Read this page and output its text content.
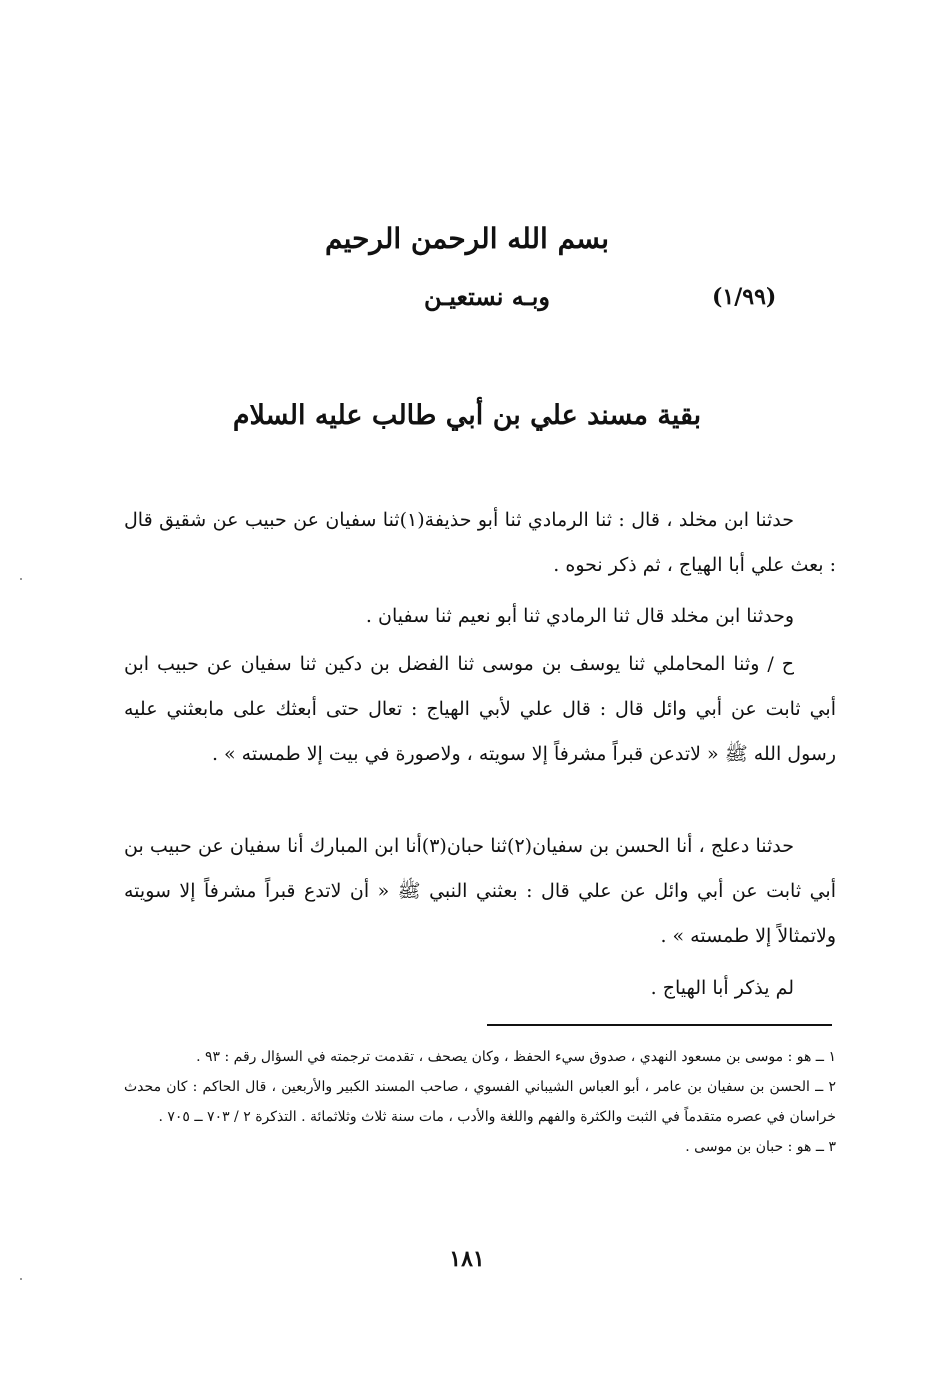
بسم الله الرحمن الرحيم
وبـه نستعيـن	(١/٩٩)
بقية مسند علي بن أبي طالب عليه السلام

حدثنا ابن مخلد ، قال : ثنا الرمادي ثنا أبو حذيفة(١)ثنا سفيان عن حبيب عن شقيق قال : بعث علي أبا الهياج ، ثم ذكر نحوه .

وحدثنا ابن مخلد قال ثنا الرمادي ثنا أبو نعيم ثنا سفيان .

ح / وثنا المحاملي ثنا يوسف بن موسى ثنا الفضل بن دكين ثنا سفيان عن حبيب ابن أبي ثابت عن أبي وائل قال : قال علي لأبي الهياج : تعال حتى أبعثك على مابعثني عليه رسول الله ﷺ « لاتدعن قبراً مشرفاً إلا سويته ، ولاصورة في بيت إلا طمسته » .

حدثنا دعلج ، أنا الحسن بن سفيان(٢)ثنا حبان(٣)أنا ابن المبارك أنا سفيان عن حبيب بن أبي ثابت عن أبي وائل عن علي قال : بعثني النبي ﷺ « أن لاتدع قبراً مشرفاً إلا سويته ولاتمثالاً إلا طمسته » .

لم يذكر أبا الهياج .

١ ــ هو : موسى بن مسعود النهدي ، صدوق سيء الحفظ ، وكان يصحف ، تقدمت ترجمته في السؤال رقم : ٩٣ .
٢ ــ الحسن بن سفيان بن عامر ، أبو العباس الشيباني الفسوي ، صاحب المسند الكبير والأربعين ، قال الحاكم : كان محدث خراسان في عصره متقدماً في الثبت والكثرة والفهم واللغة والأدب ، مات سنة ثلاث وثلاثمائة . التذكرة ٢ / ٧٠٣ ــ ٧٠٥ .
٣ ــ هو : حبان بن موسى .
١٨١
